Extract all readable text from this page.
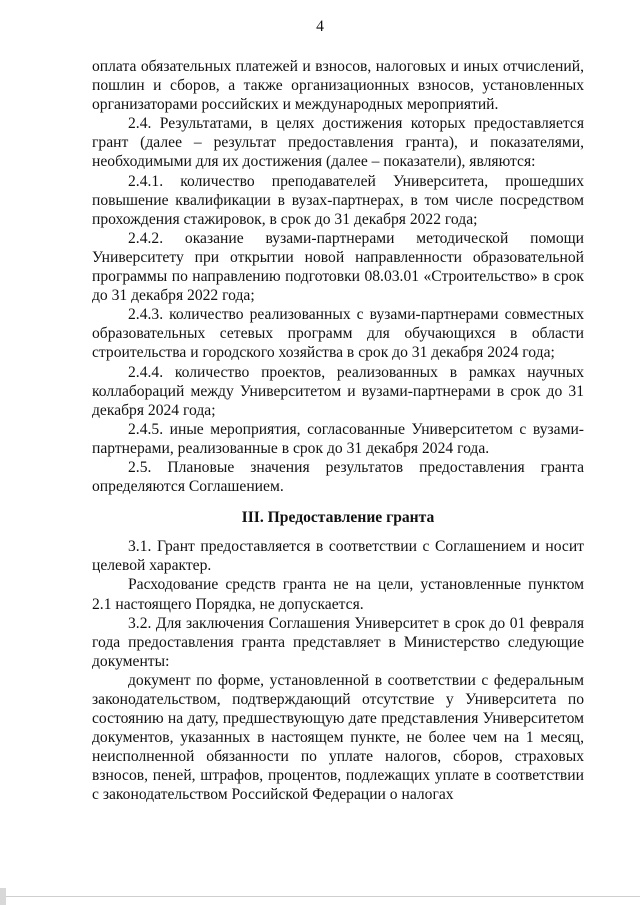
4

оплата обязательных платежей и взносов, налоговых и иных отчислений, пошлин и сборов, а также организационных взносов, установленных организаторами российских и международных мероприятий.

2.4. Результатами, в целях достижения которых предоставляется грант (далее – результат предоставления гранта), и показателями, необходимыми для их достижения (далее – показатели), являются:

2.4.1. количество преподавателей Университета, прошедших повышение квалификации в вузах-партнерах, в том числе посредством прохождения стажировок, в срок до 31 декабря 2022 года;

2.4.2. оказание вузами-партнерами методической помощи Университету при открытии новой направленности образовательной программы по направлению подготовки 08.03.01 «Строительство» в срок до 31 декабря 2022 года;

2.4.3. количество реализованных с вузами-партнерами совместных образовательных сетевых программ для обучающихся в области строительства и городского хозяйства в срок до 31 декабря 2024 года;

2.4.4. количество проектов, реализованных в рамках научных коллабораций между Университетом и вузами-партнерами в срок до 31 декабря 2024 года;

2.4.5. иные мероприятия, согласованные Университетом с вузами-партнерами, реализованные в срок до 31 декабря 2024 года.

2.5. Плановые значения результатов предоставления гранта определяются Соглашением.

III. Предоставление гранта

3.1. Грант предоставляется в соответствии с Соглашением и носит целевой характер.

Расходование средств гранта не на цели, установленные пунктом 2.1 настоящего Порядка, не допускается.

3.2. Для заключения Соглашения Университет в срок до 01 февраля года предоставления гранта представляет в Министерство следующие документы:

документ по форме, установленной в соответствии с федеральным законодательством, подтверждающий отсутствие у Университета по состоянию на дату, предшествующую дате представления Университетом документов, указанных в настоящем пункте, не более чем на 1 месяц, неисполненной обязанности по уплате налогов, сборов, страховых взносов, пеней, штрафов, процентов, подлежащих уплате в соответствии с законодательством Российской Федерации о налогах
